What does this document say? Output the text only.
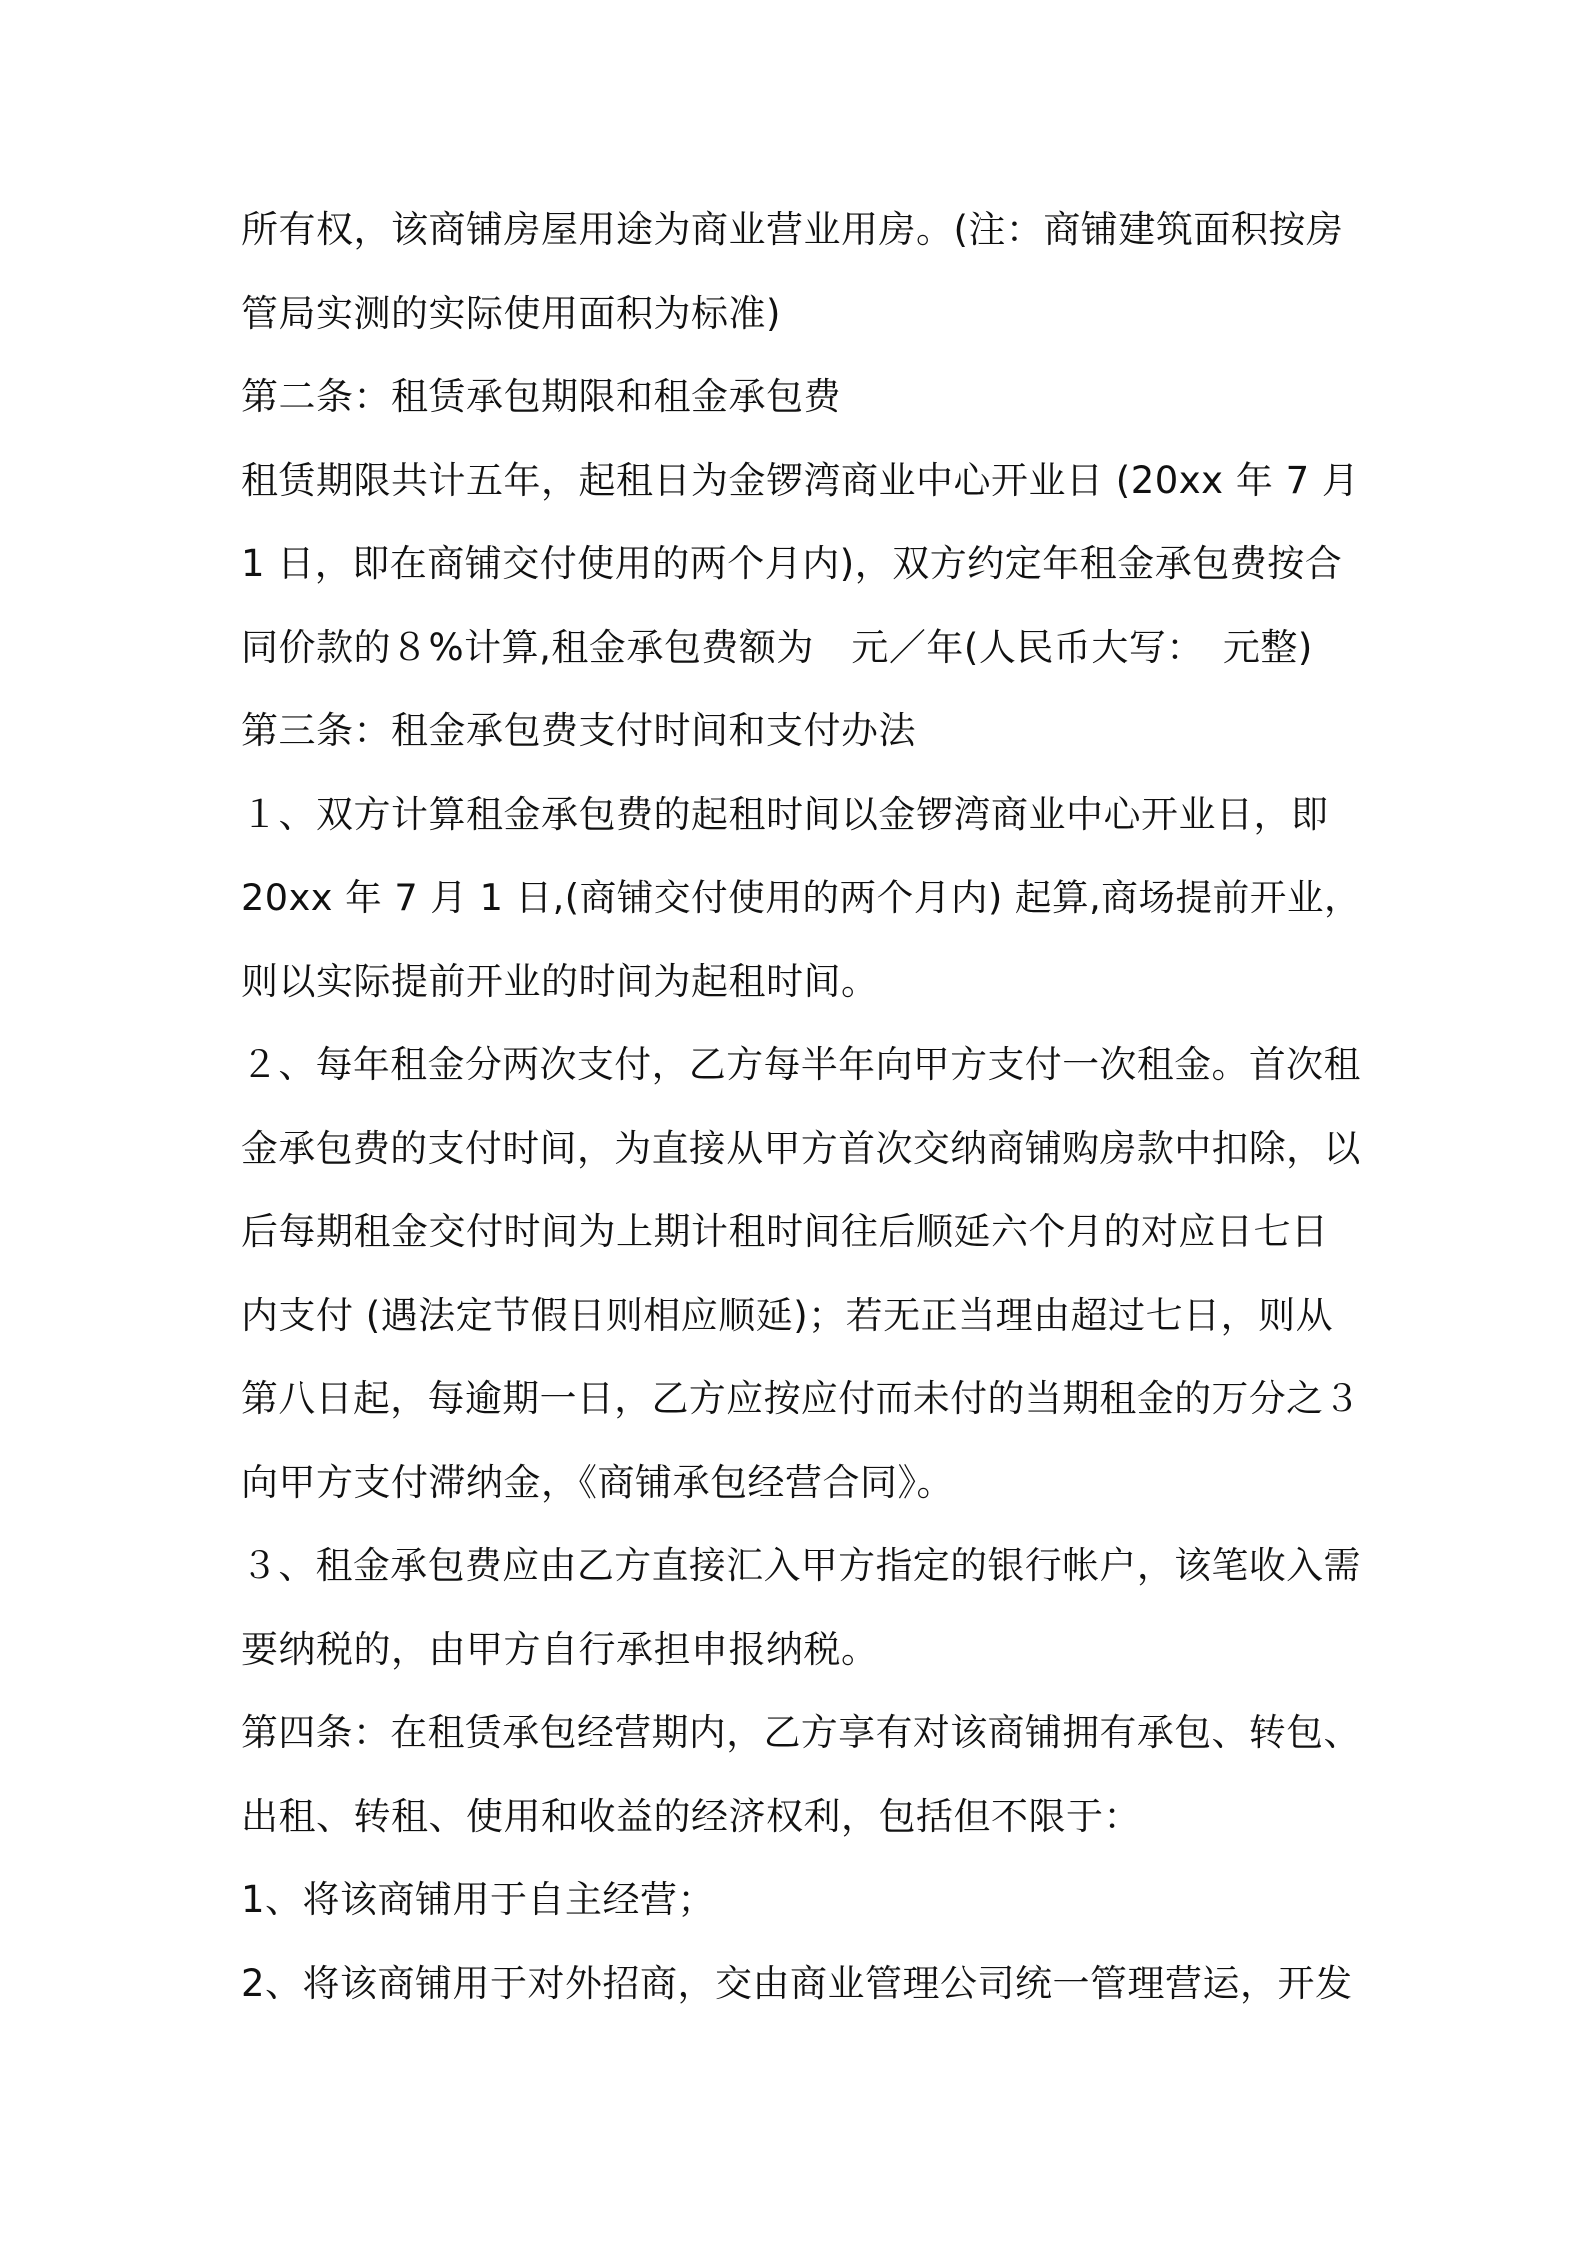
所有权，该商铺房屋用途为商业营业用房。(注：商铺建筑面积按房
管局实测的实际使用面积为标准)
第二条：租赁承包期限和租金承包费
租赁期限共计五年，起租日为金锣湾商业中心开业日 (20xx 年 7 月
1 日，即在商铺交付使用的两个月内)，双方约定年租金承包费按合
同价款的８%计算,租金承包费额为　元／年(人民币大写：　元整)
第三条：租金承包费支付时间和支付办法
１、双方计算租金承包费的起租时间以金锣湾商业中心开业日，即
20xx 年 7 月 1 日,(商铺交付使用的两个月内) 起算,商场提前开业，
则以实际提前开业的时间为起租时间。
２、每年租金分两次支付，乙方每半年向甲方支付一次租金。首次租
金承包费的支付时间，为直接从甲方首次交纳商铺购房款中扣除，以
后每期租金交付时间为上期计租时间往后顺延六个月的对应日七日
内支付 (遇法定节假日则相应顺延)；若无正当理由超过七日，则从
第八日起，每逾期一日，乙方应按应付而未付的当期租金的万分之３
向甲方支付滞纳金，《商铺承包经营合同》。
３、租金承包费应由乙方直接汇入甲方指定的银行帐户，该笔收入需
要纳税的，由甲方自行承担申报纳税。
第四条：在租赁承包经营期内，乙方享有对该商铺拥有承包、转包、
出租、转租、使用和收益的经济权利，包括但不限于：
1、将该商铺用于自主经营；
2、将该商铺用于对外招商，交由商业管理公司统一管理营运，开发
